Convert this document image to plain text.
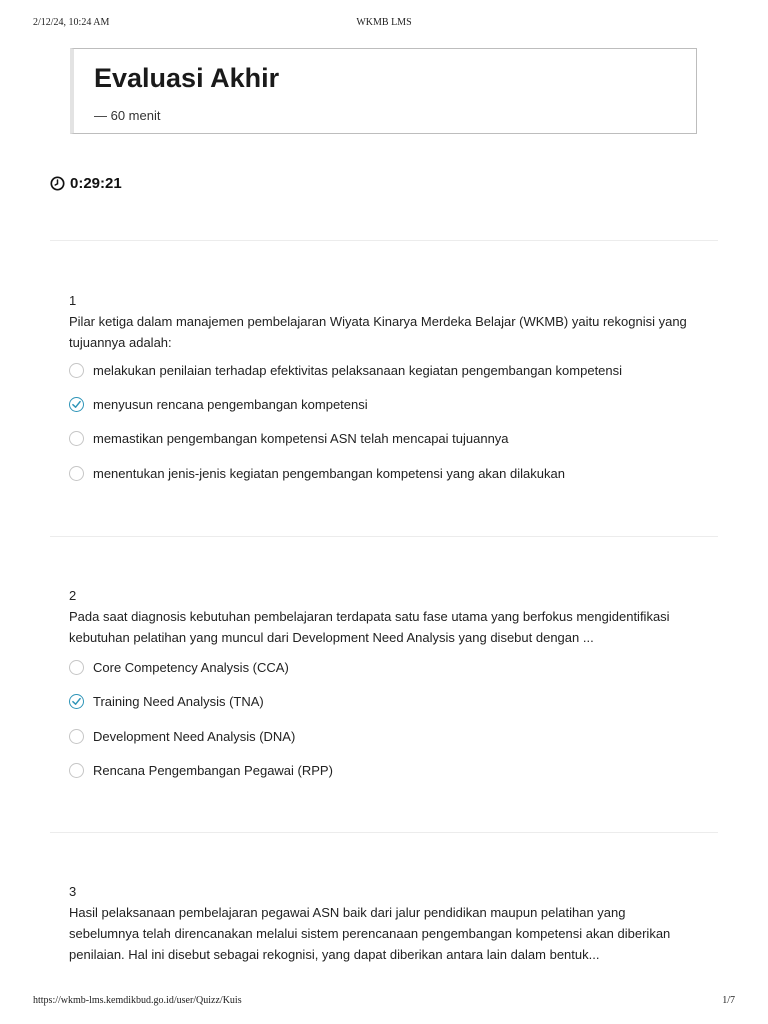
2/12/24, 10:24 AM	WKMB LMS
Evaluasi Akhir
— 60 menit
0:29:21
1
Pilar ketiga dalam manajemen pembelajaran Wiyata Kinarya Merdeka Belajar (WKMB) yaitu rekognisi yang tujuannya adalah:
melakukan penilaian terhadap efektivitas pelaksanaan kegiatan pengembangan kompetensi
menyusun rencana pengembangan kompetensi
memastikan pengembangan kompetensi ASN telah mencapai tujuannya
menentukan jenis-jenis kegiatan pengembangan kompetensi yang akan dilakukan
2
Pada saat diagnosis kebutuhan pembelajaran terdapata satu fase utama yang berfokus mengidentifikasi kebutuhan pelatihan yang muncul dari Development Need Analysis yang disebut dengan ...
Core Competency Analysis (CCA)
Training Need Analysis (TNA)
Development Need Analysis (DNA)
Rencana Pengembangan Pegawai (RPP)
3
Hasil pelaksanaan pembelajaran pegawai ASN baik dari jalur pendidikan maupun pelatihan yang sebelumnya telah direncanakan melalui sistem perencanaan pengembangan kompetensi akan diberikan penilaian. Hal ini disebut sebagai rekognisi, yang dapat diberikan antara lain dalam bentuk...
https://wkmb-lms.kemdikbud.go.id/user/Quizz/Kuis	1/7
